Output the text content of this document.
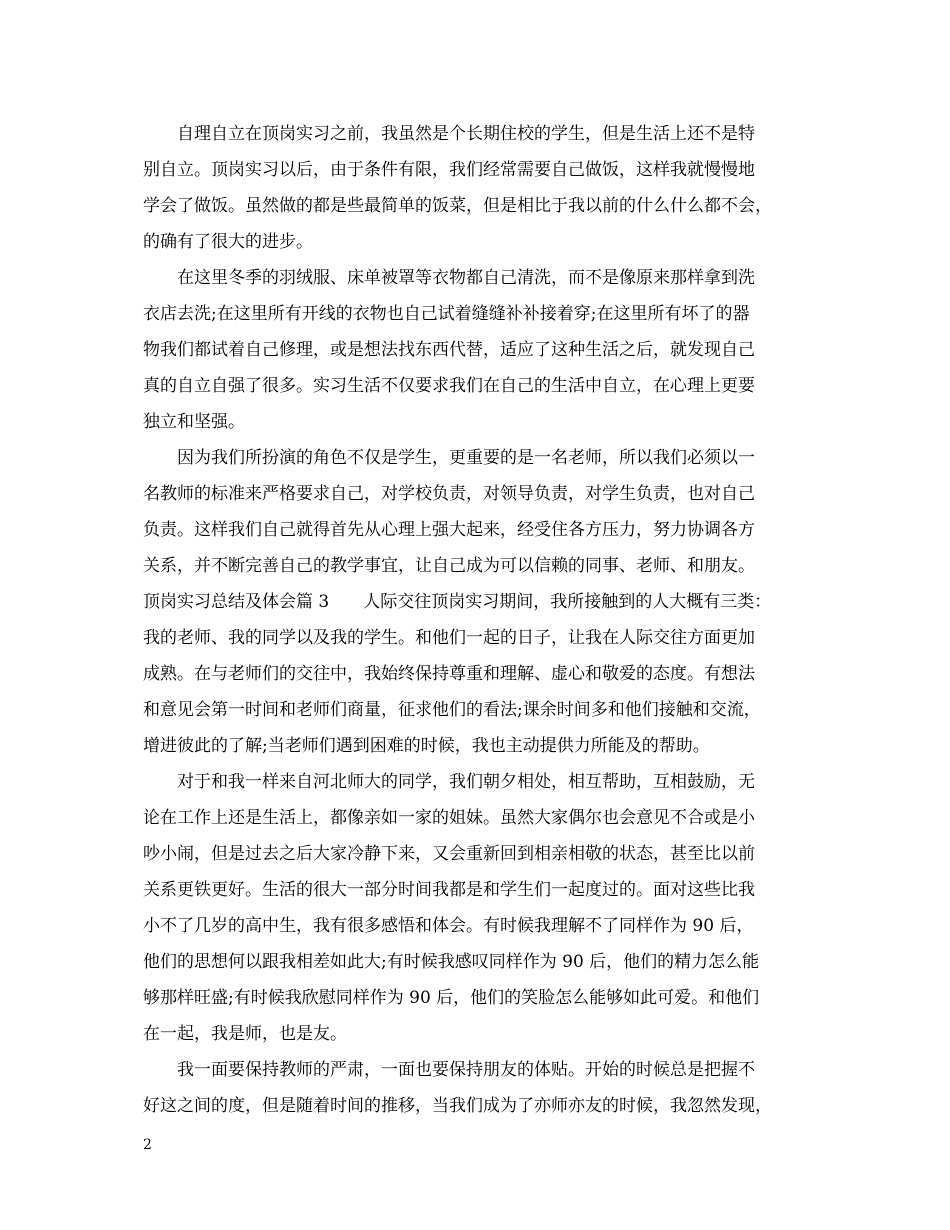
自理自立在顶岗实习之前，我虽然是个长期住校的学生，但是生活上还不是特
别自立。顶岗实习以后，由于条件有限，我们经常需要自己做饭，这样我就慢慢地
学会了做饭。虽然做的都是些最简单的饭菜，但是相比于我以前的什么什么都不会，
的确有了很大的进步。
在这里冬季的羽绒服、床单被罩等衣物都自己清洗，而不是像原来那样拿到洗
衣店去洗;在这里所有开线的衣物也自己试着缝缝补补接着穿;在这里所有坏了的器
物我们都试着自己修理，或是想法找东西代替，适应了这种生活之后，就发现自己
真的自立自强了很多。实习生活不仅要求我们在自己的生活中自立，在心理上更要
独立和坚强。
因为我们所扮演的角色不仅是学生，更重要的是一名老师，所以我们必须以一
名教师的标准来严格要求自己，对学校负责，对领导负责，对学生负责，也对自己
负责。这样我们自己就得首先从心理上强大起来，经受住各方压力，努力协调各方
关系，并不断完善自己的教学事宜，让自己成为可以信赖的同事、老师、和朋友。
顶岗实习总结及体会篇 3 人际交往顶岗实习期间，我所接触到的人大概有三类：
我的老师、我的同学以及我的学生。和他们一起的日子，让我在人际交往方面更加
成熟。在与老师们的交往中，我始终保持尊重和理解、虚心和敬爱的态度。有想法
和意见会第一时间和老师们商量，征求他们的看法;课余时间多和他们接触和交流，
增进彼此的了解;当老师们遇到困难的时候，我也主动提供力所能及的帮助。
对于和我一样来自河北师大的同学，我们朝夕相处，相互帮助，互相鼓励，无
论在工作上还是生活上，都像亲如一家的姐妹。虽然大家偶尔也会意见不合或是小
吵小闹，但是过去之后大家冷静下来，又会重新回到相亲相敬的状态，甚至比以前
关系更铁更好。生活的很大一部分时间我都是和学生们一起度过的。面对这些比我
小不了几岁的高中生，我有很多感悟和体会。有时候我理解不了同样作为 90 后，
他们的思想何以跟我相差如此大;有时候我感叹同样作为 90 后，他们的精力怎么能
够那样旺盛;有时候我欣慰同样作为 90 后，他们的笑脸怎么能够如此可爱。和他们
在一起，我是师，也是友。
我一面要保持教师的严肃，一面也要保持朋友的体贴。开始的时候总是把握不
好这之间的度，但是随着时间的推移，当我们成为了亦师亦友的时候，我忽然发现，
2
